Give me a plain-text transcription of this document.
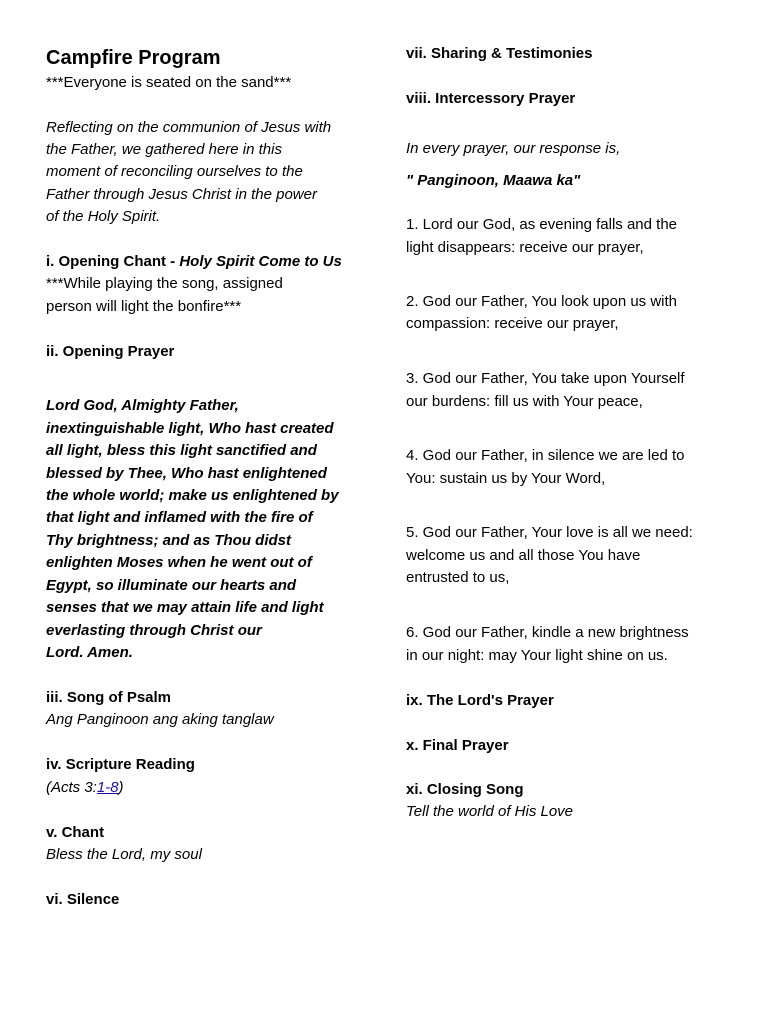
Campfire Program
***Everyone is seated on the sand***
Reflecting on the communion of Jesus with
the Father, we gathered here in this
moment of reconciling ourselves to the
Father through Jesus Christ in the power
of the Holy Spirit.
i. Opening Chant - Holy Spirit Come to Us
***While playing the song, assigned
person will light the bonfire***
ii. Opening Prayer
Lord God, Almighty Father,
inextinguishable light, Who hast created
all light, bless this light sanctified and
blessed by Thee, Who hast enlightened
the whole world; make us enlightened by
that light and inflamed with the fire of
Thy brightness; and as Thou didst
enlighten Moses when he went out of
Egypt, so illuminate our hearts and
senses that we may attain life and light
everlasting through Christ our
Lord. Amen.
iii. Song of Psalm
Ang Panginoon ang aking tanglaw
iv. Scripture Reading
(Acts 3:1-8)
v. Chant
Bless the Lord, my soul
vi. Silence
vii. Sharing & Testimonies
viii. Intercessory Prayer
In every prayer, our response is,
" Panginoon, Maawa ka"
1. Lord our God, as evening falls and the
light disappears: receive our prayer,
2. God our Father, You look upon us with
compassion: receive our prayer,
3. God our Father, You take upon Yourself
our burdens: fill us with Your peace,
4. God our Father, in silence we are led to
You: sustain us by Your Word,
5. God our Father, Your love is all we need:
welcome us and all those You have
entrusted to us,
6. God our Father, kindle a new brightness
in our night: may Your light shine on us.
ix. The Lord's Prayer
x. Final Prayer
xi. Closing Song
Tell the world of His Love
